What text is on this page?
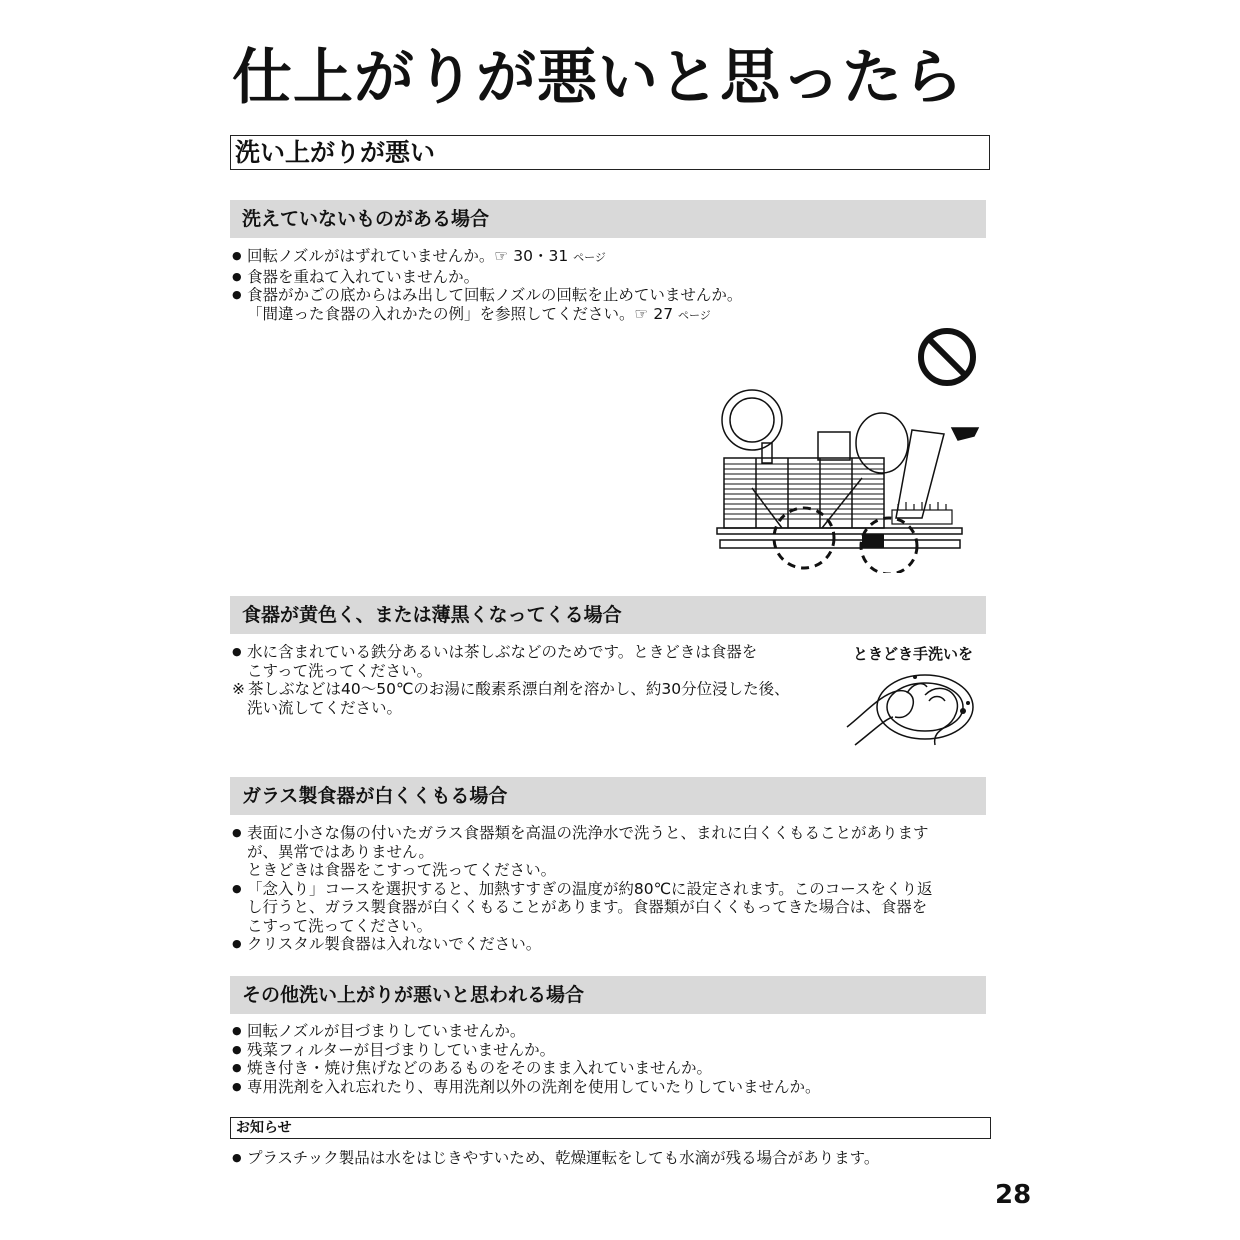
仕上がりが悪いと思ったら
洗い上がりが悪い
洗えていないものがある場合
● 回転ノズルがはずれていませんか。 ☞ 30・31 ページ
● 食器を重ねて入れていませんか。
● 食器がかごの底からはみ出して回転ノズルの回転を止めていませんか。
「間違った食器の入れかたの例」を参照してください。 ☞ 27 ページ
食器が黄色く、または薄黒くなってくる場合
ときどき手洗いを
● 水に含まれている鉄分あるいは茶しぶなどのためです。ときどきは食器を
こすって洗ってください。
※ 茶しぶなどは40～50℃のお湯に酸素系漂白剤を溶かし、約30分位浸した後、
洗い流してください。
ガラス製食器が白くくもる場合
● 表面に小さな傷の付いたガラス食器類を高温の洗浄水で洗うと、まれに白くくもることがあります
が、異常ではありません。
ときどきは食器をこすって洗ってください。
● 「念入り」コースを選択すると、加熱すすぎの温度が約80℃に設定されます。このコースをくり返
し行うと、ガラス製食器が白くくもることがあります。食器類が白くくもってきた場合は、食器を
こすって洗ってください。
● クリスタル製食器は入れないでください。
その他洗い上がりが悪いと思われる場合
● 回転ノズルが目づまりしていませんか。
● 残菜フィルターが目づまりしていませんか。
● 焼き付き・焼け焦げなどのあるものをそのまま入れていませんか。
● 専用洗剤を入れ忘れたり、専用洗剤以外の洗剤を使用していたりしていませんか。
お知らせ
● プラスチック製品は水をはじきやすいため、乾燥運転をしても水滴が残る場合があります。
28
